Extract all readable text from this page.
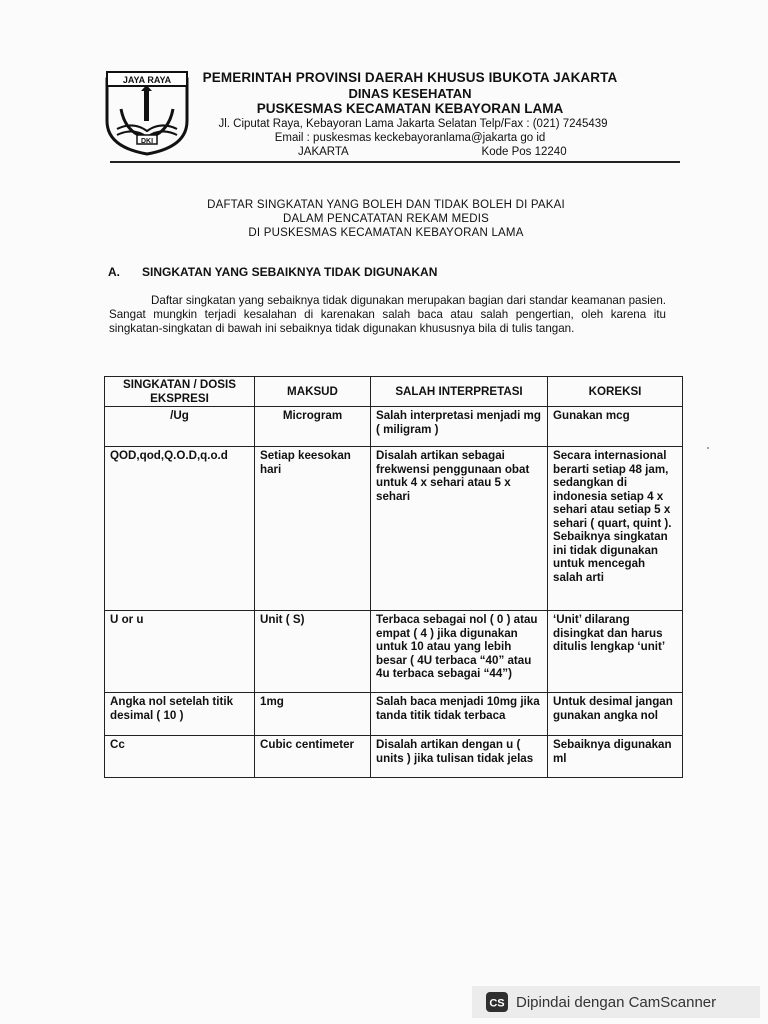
JAYA RAYA
DKI
PEMERINTAH PROVINSI DAERAH KHUSUS IBUKOTA JAKARTA
DINAS KESEHATAN
PUSKESMAS KECAMATAN KEBAYORAN LAMA
Jl. Ciputat Raya, Kebayoran Lama Jakarta Selatan Telp/Fax : (021) 7245439
Email : puskesmas keckebayoranlama@jakarta go id
JAKARTA	Kode Pos 12240
DAFTAR SINGKATAN YANG BOLEH DAN TIDAK BOLEH DI PAKAI
DALAM PENCATATAN REKAM MEDIS
DI PUSKESMAS KECAMATAN KEBAYORAN LAMA
A. SINGKATAN YANG SEBAIKNYA TIDAK DIGUNAKAN
Daftar singkatan yang sebaiknya tidak digunakan merupakan bagian dari standar keamanan pasien. Sangat mungkin terjadi kesalahan di karenakan salah baca atau salah pengertian, oleh karena itu singkatan-singkatan di bawah ini sebaiknya tidak digunakan khususnya bila di tulis tangan.
SINGKATAN / DOSIS EKSPRESI	MAKSUD	SALAH INTERPRETASI	KOREKSI
/Ug	Microgram	Salah interpretasi menjadi mg ( miligram )	Gunakan mcg
QOD,qod,Q.O.D,q.o.d	Setiap keesokan hari	Disalah artikan sebagai frekwensi penggunaan obat untuk 4 x sehari atau 5 x sehari	Secara internasional berarti setiap 48 jam, sedangkan di indonesia setiap 4 x sehari atau setiap 5 x sehari ( quart, quint ). Sebaiknya singkatan ini tidak digunakan untuk mencegah salah arti
U or u	Unit ( S)	Terbaca sebagai nol ( 0 ) atau empat ( 4 ) jika digunakan untuk 10 atau yang lebih besar ( 4U terbaca “40” atau 4u terbaca sebagai “44”)	‘Unit’ dilarang disingkat dan harus ditulis lengkap ‘unit’
Angka nol setelah titik desimal ( 10 )	1mg	Salah baca menjadi 10mg jika tanda titik tidak terbaca	Untuk desimal jangan gunakan angka nol
Cc	Cubic centimeter	Disalah artikan dengan u ( units ) jika tulisan tidak jelas	Sebaiknya digunakan ml
CS Dipindai dengan CamScanner
